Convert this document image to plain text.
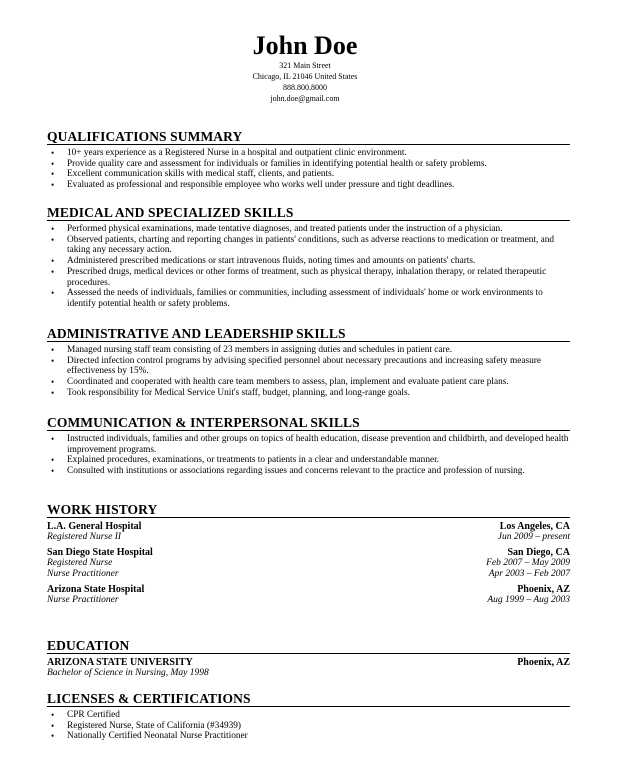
John Doe
321 Main Street
Chicago, IL 21046 United States
888.800.8000
john.doe@gmail.com
QUALIFICATIONS SUMMARY
• 10+ years experience as a Registered Nurse in a hospital and outpatient clinic environment.
• Provide quality care and assessment for individuals or families in identifying potential health or safety problems.
• Excellent communication skills with medical staff, clients, and patients.
• Evaluated as professional and responsible employee who works well under pressure and tight deadlines.
MEDICAL AND SPECIALIZED SKILLS
• Performed physical examinations, made tentative diagnoses, and treated patients under the instruction of a physician.
• Observed patients, charting and reporting changes in patients' conditions, such as adverse reactions to medication or treatment, and taking any necessary action.
• Administered prescribed medications or start intravenous fluids, noting times and amounts on patients' charts.
• Prescribed drugs, medical devices or other forms of treatment, such as physical therapy, inhalation therapy, or related therapeutic procedures.
• Assessed the needs of individuals, families or communities, including assessment of individuals' home or work environments to identify potential health or safety problems.
ADMINISTRATIVE AND LEADERSHIP SKILLS
• Managed nursing staff team consisting of 23 members in assigning duties and schedules in patient care.
• Directed infection control programs by advising specified personnel about necessary precautions and increasing safety measure effectiveness by 15%.
• Coordinated and cooperated with health care team members to assess, plan, implement and evaluate patient care plans.
• Took responsibility for Medical Service Unit's staff, budget, planning, and long-range goals.
COMMUNICATION & INTERPERSONAL SKILLS
• Instructed individuals, families and other groups on topics of health education, disease prevention and childbirth, and developed health improvement programs.
• Explained procedures, examinations, or treatments to patients in a clear and understandable manner.
• Consulted with institutions or associations regarding issues and concerns relevant to the practice and profession of nursing.
WORK HISTORY
L.A. General Hospital	Los Angeles, CA
Registered Nurse II	Jun 2009 – present
San Diego State Hospital	San Diego, CA
Registered Nurse	Feb 2007 – May 2009
Nurse Practitioner	Apr 2003 – Feb 2007
Arizona State Hospital	Phoenix, AZ
Nurse Practitioner	Aug 1999 – Aug 2003
EDUCATION
ARIZONA STATE UNIVERSITY	Phoenix, AZ
Bachelor of Science in Nursing, May 1998
LICENSES & CERTIFICATIONS
• CPR Certified
• Registered Nurse, State of California (#34939)
• Nationally Certified Neonatal Nurse Practitioner
